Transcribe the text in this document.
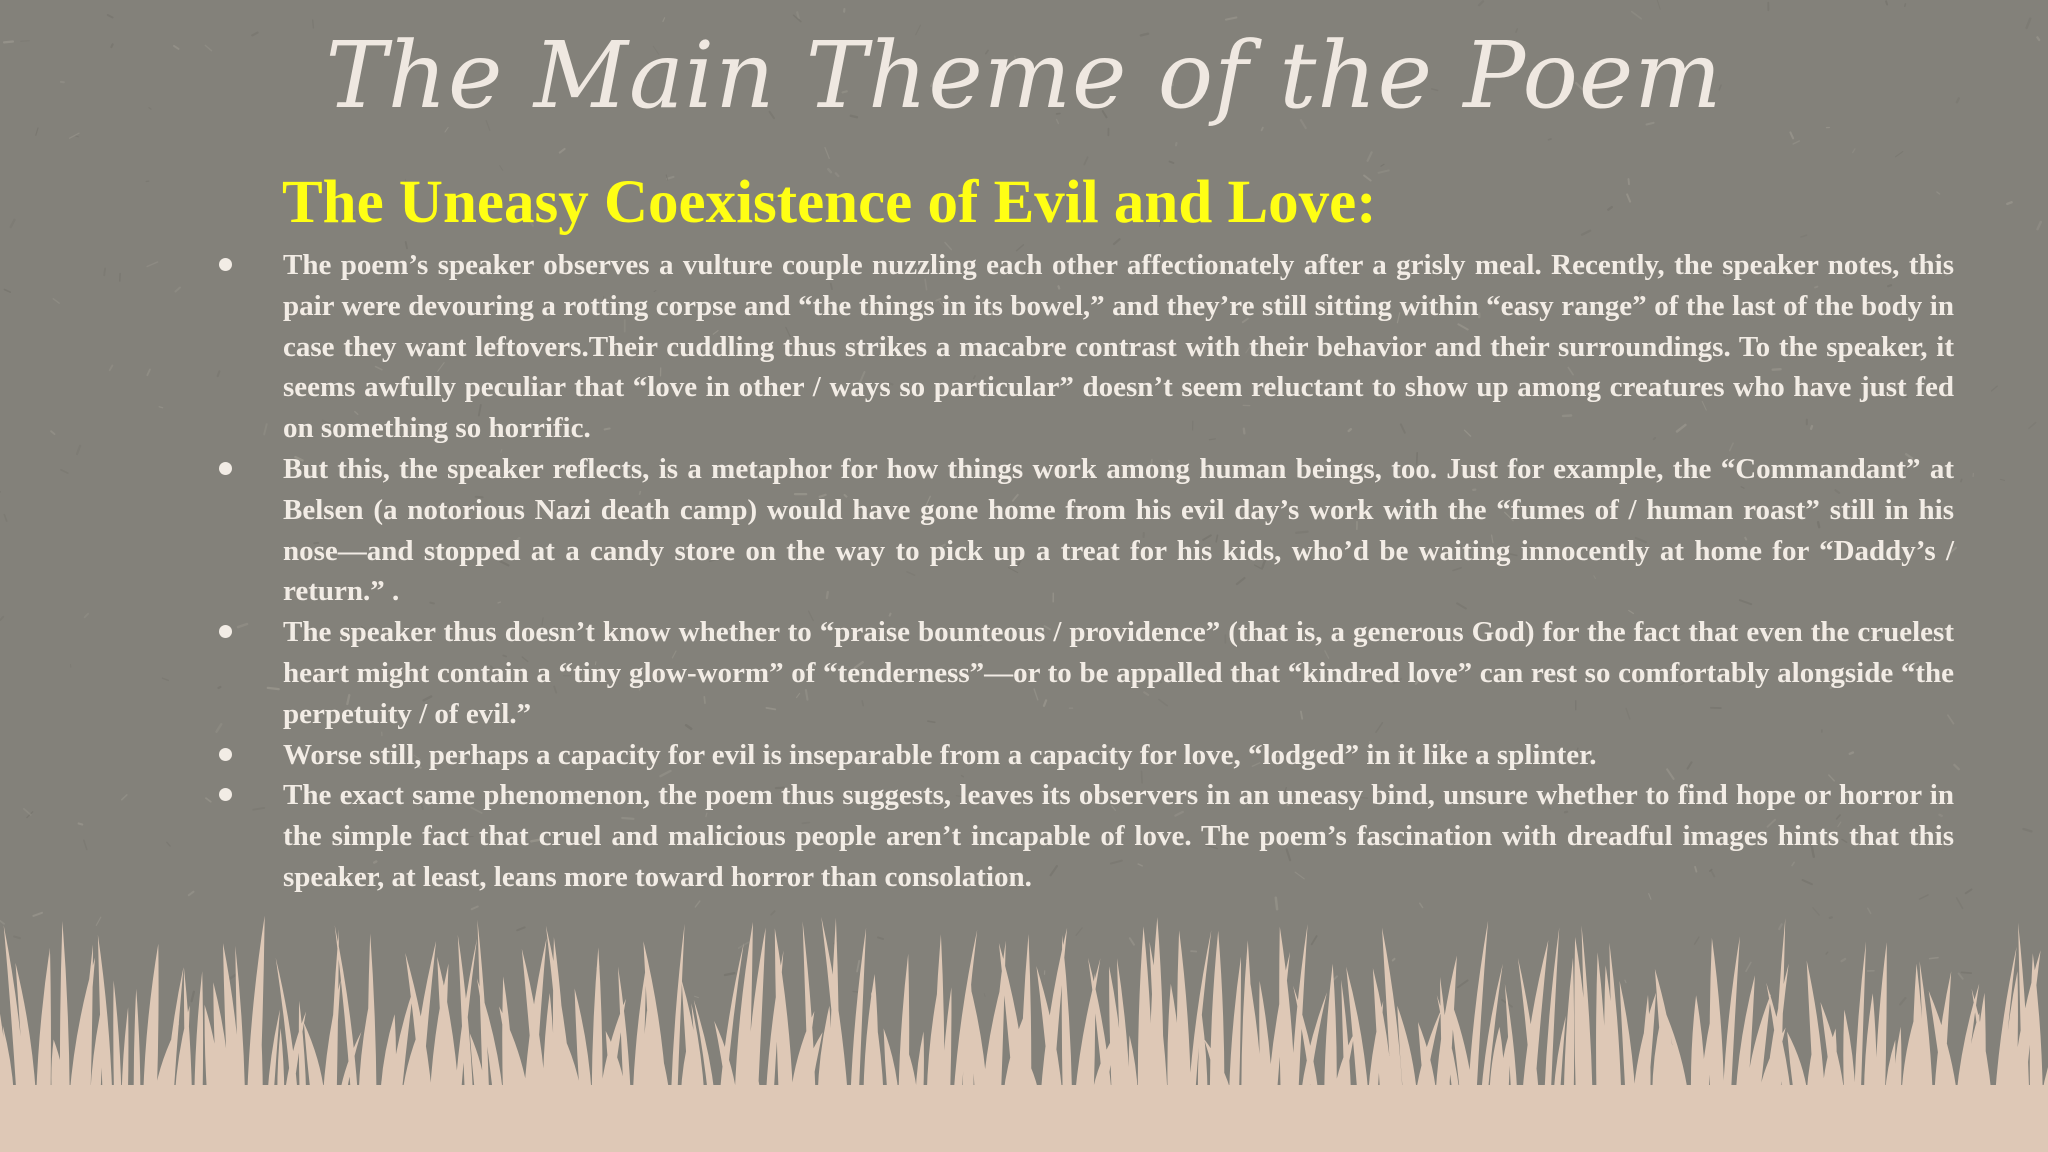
The Main Theme of the Poem
The Uneasy Coexistence of Evil and Love:
The poem’s speaker observes a vulture couple nuzzling each other affectionately after a grisly meal. Recently, the speaker notes, this pair were devouring a rotting corpse and “the things in its bowel,” and they’re still sitting within “easy range” of the last of the body in case they want leftovers.Their cuddling thus strikes a macabre contrast with their behavior and their surroundings. To the speaker, it seems awfully peculiar that “love in other / ways so particular” doesn’t seem reluctant to show up among creatures who have just fed on something so horrific.
But this, the speaker reflects, is a metaphor for how things work among human beings, too. Just for example, the “Commandant” at Belsen (a notorious Nazi death camp) would have gone home from his evil day’s work with the “fumes of / human roast” still in his nose—and stopped at a candy store on the way to pick up a treat for his kids, who’d be waiting innocently at home for “Daddy’s / return.” .
The speaker thus doesn’t know whether to “praise bounteous / providence” (that is, a generous God) for the fact that even the cruelest heart might contain a “tiny glow-worm” of “tenderness”—or to be appalled that “kindred love” can rest so comfortably alongside “the perpetuity / of evil.”
Worse still, perhaps a capacity for evil is inseparable from a capacity for love, “lodged” in it like a splinter.
The exact same phenomenon, the poem thus suggests, leaves its observers in an uneasy bind, unsure whether to find hope or horror in the simple fact that cruel and malicious people aren’t incapable of love. The poem’s fascination with dreadful images hints that this speaker, at least, leans more toward horror than consolation.
